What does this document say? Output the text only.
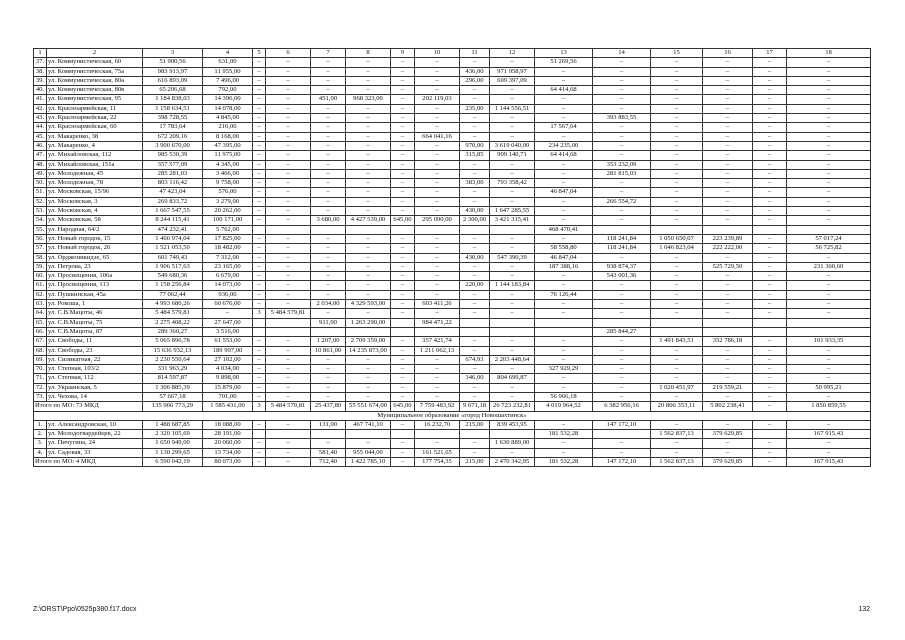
1	2	3	4	5	6	7	8	9	10	11	12	13	14	15	16	17	18
37.	ул. Коммунистическая, 60	51 900,56	631,00	–	–	–	–	–	–	–	–	51 269,56	–	–	–	–	–
38.	ул. Коммунистическая, 75а	983 913,97	11 955,00	–	–	–	–	–	–	436,00	971 958,97	–	–	–	–	–	–
39.	ул. Коммунистическая, 80а	616 893,09	7 496,00	–	–	–	–	–	–	296,00	609 397,09	–	–	–	–	–	–
40.	ул. Коммунистическая, 80в	65 206,68	792,00	–	–	–	–	–	–	–	–	64 414,68	–	–	–	–	–
41.	ул. Коммунистическая, 95	1 184 838,03	14 396,00	–	–	451,00	968 323,00	–	202 119,03	–	–	–	–	–	–	–	–
42.	ул. Красноармейская, 11	1 158 634,51	14 078,00	–	–	–	–	–	–	235,00	1 144 556,51	–	–	–	–	–	–
43.	ул. Красноармейская, 22	398 728,55	4 845,00	–	–	–	–	–	–	–	–	–	393 883,55	–	–	–	–
44.	ул. Красноармейская, 60	17 783,64	216,00	–	–	–	–	–	–	–	–	17 567,64	–	–	–	–	–
45.	ул. Макаренко, 38	672 209,16	8 168,00	–	–	–	–	–	664 041,16	–	–	–	–	–	–	–	–
46.	ул. Макаренко, 4	3 900 670,00	47 395,00	–	–	–	–	–	–	970,00	3 619 040,00	234 235,00	–	–	–	–	–
47.	ул. Михайловская, 112	985 530,39	11 975,00	–	–	–	–	–	–	315,85	909 140,71	64 414,68	–	–	–	–	–
48.	ул. Михайловская, 151а	357 577,09	4 345,00	–	–	–	–	–	–	–	–	–	353 232,09	–	–	–	–
49.	ул. Молодежная, 45	285 281,03	3 466,00	–	–	–	–	–	–	–	–	–	281 815,03	–	–	–	–
50.	ул. Молодежная, 78	803 116,42	9 758,00	–	–	–	–	–	–	383,00	793 358,42	–	–	–	–	–	–
51.	ул. Московская, 15/96	47 423,04	576,00	–	–	–	–	–	–	–	–	46 847,04	–	–	–	–	–
52.	ул. Московская, 3	269 833,72	3 279,00	–	–	–	–	–	–	–	–	–	266 554,72	–	–	–	–
53.	ул. Московская, 4	1 667 547,55	20 262,00	–	–	–	–	–	–	430,00	1 647 285,55	–	–	–	–	–	–
54.	ул. Московская, 58	8 244 115,41	100 171,00	–	–	3 680,00	4 427 539,00	645,00	295 090,00	2 300,00	3 421 315,41	–	–	–	–	–	–
55.	ул. Народная, 64/2	474 232,41	5 762,00									468 470,41					
56.	ул. Новый городок, 15	1 466 974,04	17 825,00	–	–	–	–	–	–	–	–	–	118 241,84	1 050 650,07	223 239,89	–	57 017,24
57.	ул. Новый городок, 20	1 521 053,50	18 482,00	–	–	–	–	–	–	–	–	58 558,80	118 241,84	1 046 823,04	222 222,00	–	56 725,82
58.	ул. Орджоникидзе, 65	601 749,43	7 312,00	–	–	–	–	–	–	430,00	547 390,39	46 847,04	–	–	–	–	–
59.	ул. Петрова, 23	1 906 517,63	23 165,00	–	–	–	–	–	–	–	–	187 388,16	938 874,37	–	525 729,50	–	231 360,60
60.	ул. Просвещения, 106а	549 680,36	6 679,00	–	–	–	–	–	–	–	–	–	543 001,36	–	–	–	–
61.	ул. Просвещения, 113	1 158 256,84	14 073,00	–	–	–	–	–	–	220,00	1 144 183,84	–	–	–	–	–	–
62.	ул. Пушкинская, 45а	77 062,44	936,00	–	–	–	–	–	–	–	–	76 126,44	–	–	–	–	–
63.	ул. Рокоша, 1	4 993 680,26	60 676,00	–	–	2 034,00	4 329 593,00	–	603 411,26	–	–	–	–	–	–	–	–
64.	ул. С.В.Мацоты, 46	5 484 579,81	–	3	5 484 579,81	–	–	–	–	–	–	–	–	–	–	–	–
65.	ул. С.В.Мацоты, 75	2 275 408,22	27 647,00			911,00	1 263 290,00		984 471,22								
66.	ул. С.В.Мацоты, 87	289 360,27	3 516,00										285 844,27				
67.	ул. Свободы, 11	5 065 896,78	61 553,00	–	–	1 207,00	2 709 359,00	–	357 421,74	–	–	–	–	1 491 843,51	352 786,18	–	101 933,35
68.	ул. Свободы, 23	15 636 932,13	189 997,00	–	–	10 861,00	14 235 873,00	–	1 211 062,13	–	–	–	–	–	–	–	–
69.	ул. Силикатная, 22	2 230 550,64	27 102,00	–	–	–	–	–	–	674,93	2 203 448,64	–	–	–	–	–	–
70.	ул. Степная, 103/2	331 963,29	4 034,00	–	–	–	–	–	–	–	–	327 929,29	–	–	–	–	–
71.	ул. Степная, 112	814 597,87	9 898,00	–	–	–	–	–	–	346,00	804 699,87	–	–	–	–	–	–
72.	ул. Украинская, 5	1 306 885,39	15 879,00	–	–	–	–	–	–	–	–	–	–	1 020 451,97	219 559,21	–	50 995,21
73.	ул. Чехова, 14	57 667,18	701,00	–	–	–	–	–	–	–	–	56 966,18	–	–	–	–	–
Итого по МО: 73 МКД		135 966 773,29	1 585 431,00	3	5 484 579,81	25 437,80	55 551 674,00	645,00	7 759 483,92	9 671,18	26 723 232,81	4 019 964,52	6 382 956,16	20 806 353,11	5 802 238,41	–	1 850 859,55
Муниципальное образование «город Новошахтинск»																	
1.	ул. Александровская, 10	1 488 687,85	18 088,00	–	–	131,00	467 741,10	–	16 232,70	215,00	839 453,95	–	147 172,10	–	–	–	–
2.	ул. Молодогвардейцев, 22	2 320 105,69	28 191,00									181 532,28		1 562 837,13	379 629,85		167 915,43
3.	ул. Пичугина, 24	1 650 949,00	20 060,00	–	–	–	–	–	–	–	1 630 889,00	–	–	–	–	–	–
4.	ул. Садовая, 33	1 130 299,65	13 734,00	–	–	581,40	955 044,00	–	161 521,65	–	–	–	–	–	–	–	–
Итого по МО: 4 МКД		6 590 042,19	80 073,00	–	–	712,40	1 422 785,10	–	177 754,35	215,00	2 470 342,95	181 532,28	147 172,10	1 562 837,13	379 629,85	–	167 915,43
Z:\ORST\Ppo\0525p380.f17.docx	132
